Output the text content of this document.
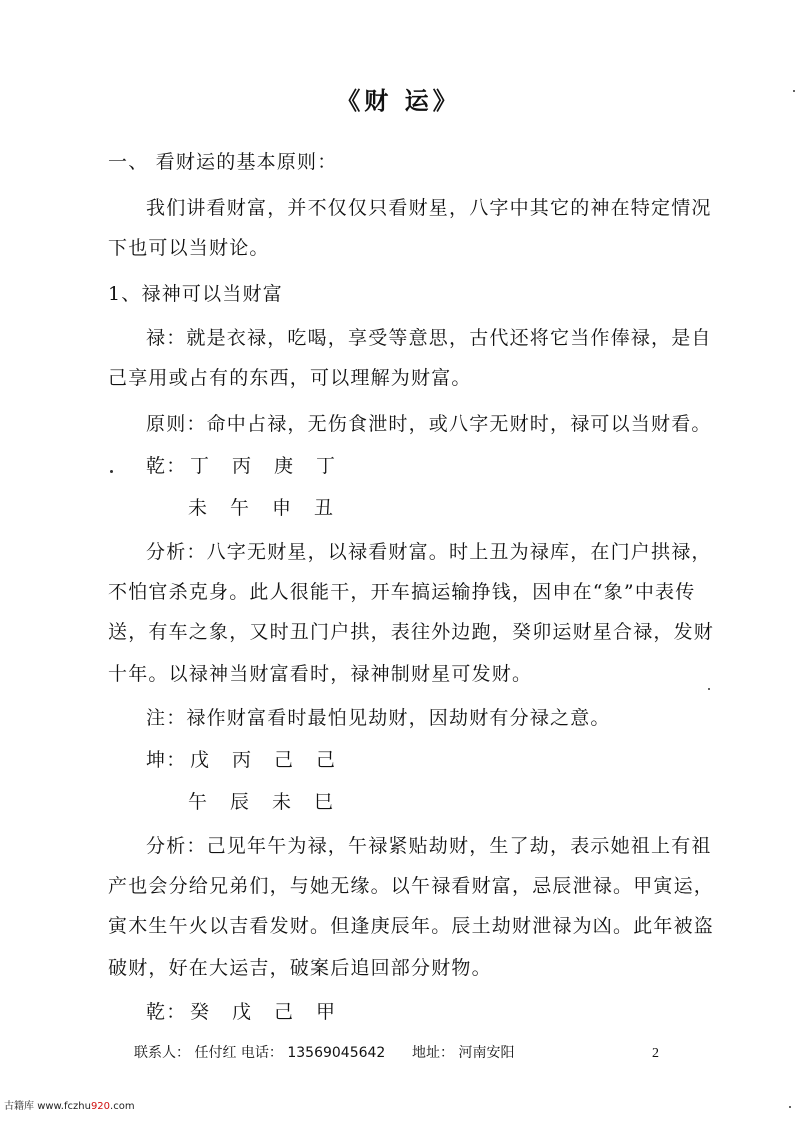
《财 运》
一、 看财运的基本原则：
我们讲看财富，并不仅仅只看财星，八字中其它的神在特定情况
下也可以当财论。
1、禄神可以当财富
禄：就是衣禄，吃喝，享受等意思，古代还将它当作俸禄，是自
己享用或占有的东西，可以理解为财富。
原则：命中占禄，无伤食泄时，或八字无财时，禄可以当财看。
乾： 丁 丙 庚 丁
未 午 申 丑
分析：八字无财星，以禄看财富。时上丑为禄库，在门户拱禄，
不怕官杀克身。此人很能干，开车搞运输挣钱，因申在“象”中表传
送，有车之象，又时丑门户拱，表往外边跑，癸卯运财星合禄，发财
十年。以禄神当财富看时，禄神制财星可发财。
注：禄作财富看时最怕见劫财，因劫财有分禄之意。
坤： 戊 丙 己 己
午 辰 未 巳
分析：己见年午为禄，午禄紧贴劫财，生了劫，表示她祖上有祖
产也会分给兄弟们，与她无缘。以午禄看财富，忌辰泄禄。甲寅运，
寅木生午火以吉看发财。但逢庚辰年。辰土劫财泄禄为凶。此年被盗
破财，好在大运吉，破案后追回部分财物。
乾： 癸 戊 己 甲
联系人： 任付红 电话： 13569045642 地址： 河南安阳	2
古籍库 www.fczhu920.com
